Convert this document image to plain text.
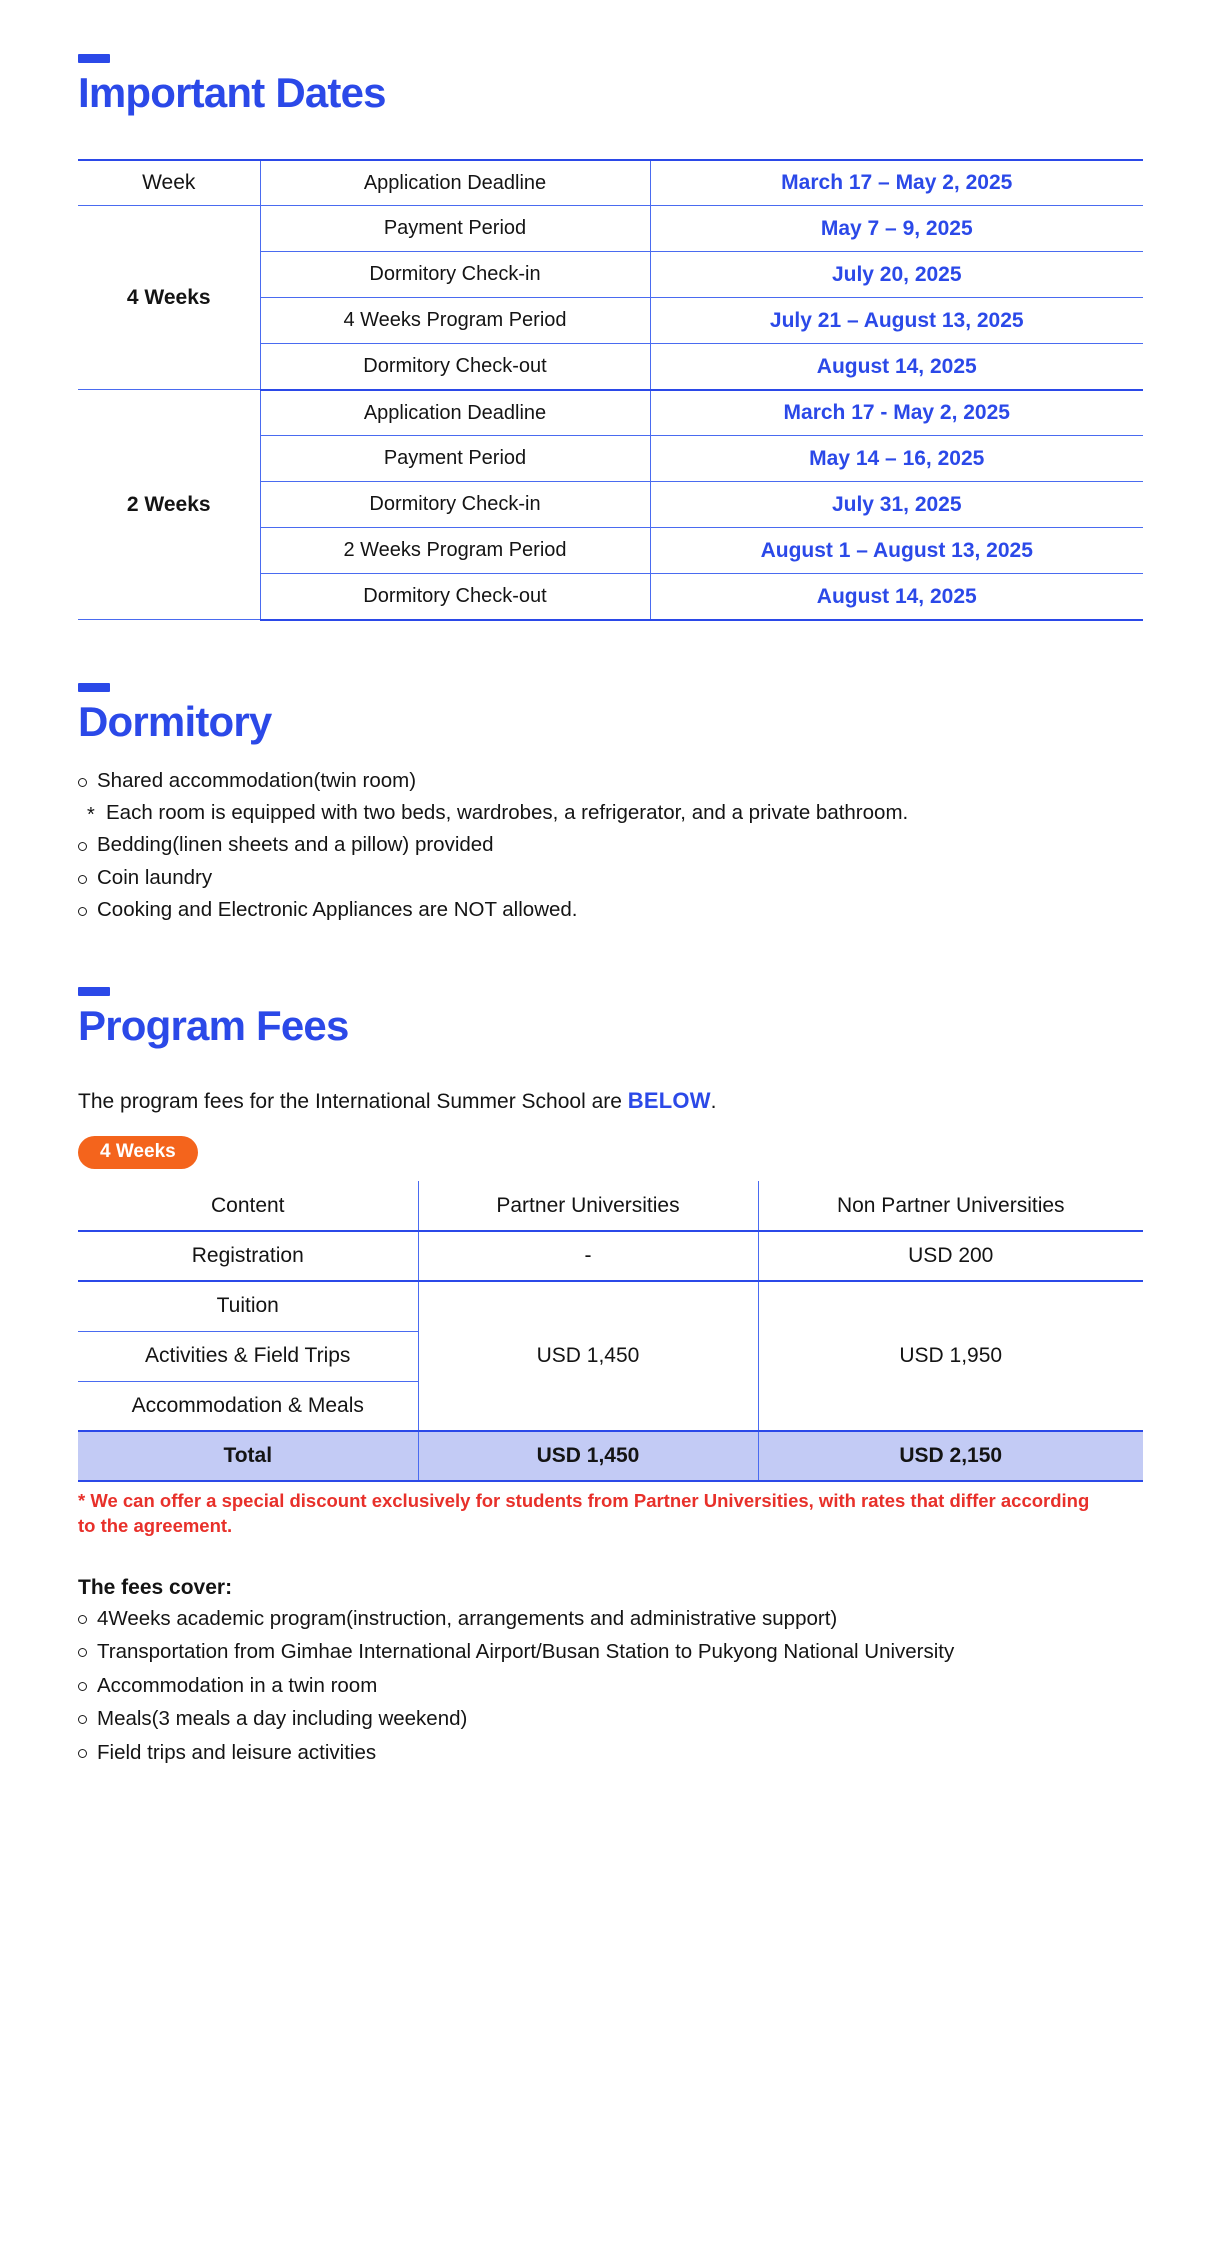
Important Dates
Week	Application Deadline	March 17 – May 2, 2025
4 Weeks	Payment Period	May 7 – 9, 2025
	Dormitory Check-in	July 20, 2025
	4 Weeks Program Period	July 21 – August 13, 2025
	Dormitory Check-out	August 14, 2025
2 Weeks	Application Deadline	March 17 - May 2, 2025
	Payment Period	May 14 – 16, 2025
	Dormitory Check-in	July 31, 2025
	2 Weeks Program Period	August 1 – August 13, 2025
	Dormitory Check-out	August 14, 2025
Dormitory
Shared accommodation(twin room)
* Each room is equipped with two beds, wardrobes, a refrigerator, and a private bathroom.
Bedding(linen sheets and a pillow) provided
Coin laundry
Cooking and Electronic Appliances are NOT allowed.
Program Fees

The program fees for the International Summer School are BELOW.

4 Weeks
Content	Partner Universities	Non Partner Universities
Registration	-	USD 200
Tuition	USD 1,450	USD 1,950
Activities & Field Trips		
Accommodation & Meals		
Total	USD 1,450	USD 2,150

* We can offer a special discount exclusively for students from Partner Universities, with rates that differ according to the agreement.

The fees cover:
4Weeks academic program(instruction, arrangements and administrative support)
Transportation from Gimhae International Airport/Busan Station to Pukyong National University
Accommodation in a twin room
Meals(3 meals a day including weekend)
Field trips and leisure activities
